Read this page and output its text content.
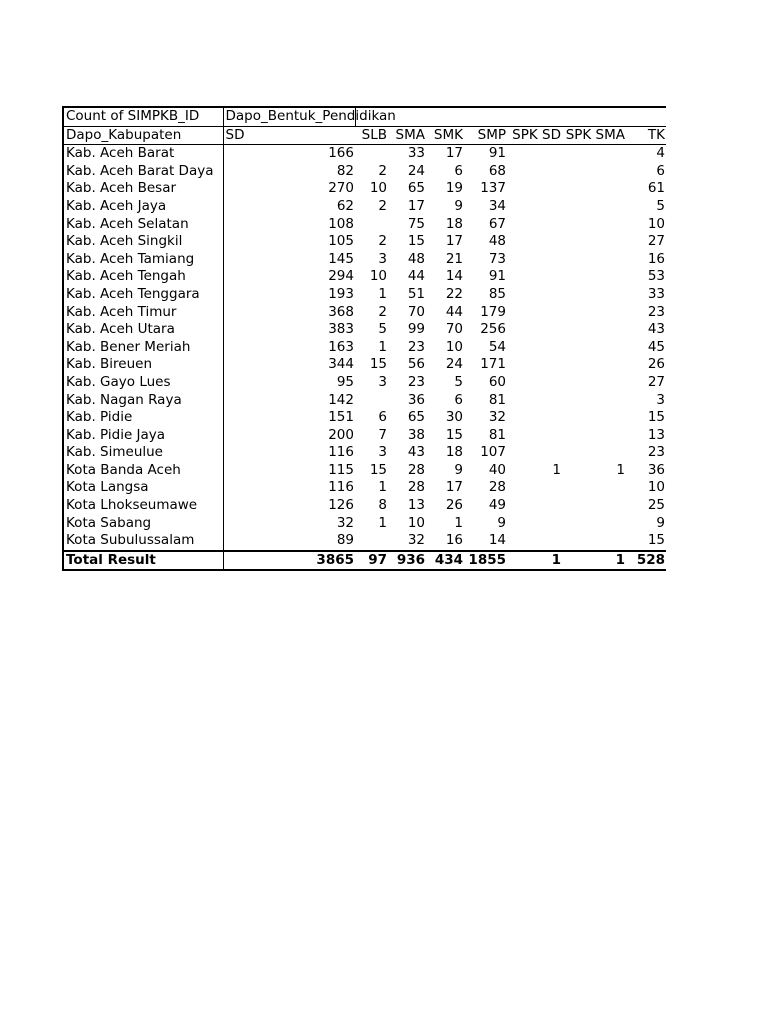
Count of SIMPKB_ID	Dapo_Bentuk_Pendidikan							
Dapo_Kabupaten	SD	SLB	SMA	SMK	SMP	SPK SD	SPK SMA	TK
Kab. Aceh Barat	166		33	17	91			4
Kab. Aceh Barat Daya	82	2	24	6	68			6
Kab. Aceh Besar	270	10	65	19	137			61
Kab. Aceh Jaya	62	2	17	9	34			5
Kab. Aceh Selatan	108		75	18	67			10
Kab. Aceh Singkil	105	2	15	17	48			27
Kab. Aceh Tamiang	145	3	48	21	73			16
Kab. Aceh Tengah	294	10	44	14	91			53
Kab. Aceh Tenggara	193	1	51	22	85			33
Kab. Aceh Timur	368	2	70	44	179			23
Kab. Aceh Utara	383	5	99	70	256			43
Kab. Bener Meriah	163	1	23	10	54			45
Kab. Bireuen	344	15	56	24	171			26
Kab. Gayo Lues	95	3	23	5	60			27
Kab. Nagan Raya	142		36	6	81			3
Kab. Pidie	151	6	65	30	32			15
Kab. Pidie Jaya	200	7	38	15	81			13
Kab. Simeulue	116	3	43	18	107			23
Kota Banda Aceh	115	15	28	9	40	1	1	36
Kota Langsa	116	1	28	17	28			10
Kota Lhokseumawe	126	8	13	26	49			25
Kota Sabang	32	1	10	1	9			9
Kota Subulussalam	89		32	16	14			15
Total Result	3865	97	936	434	1855	1	1	528
